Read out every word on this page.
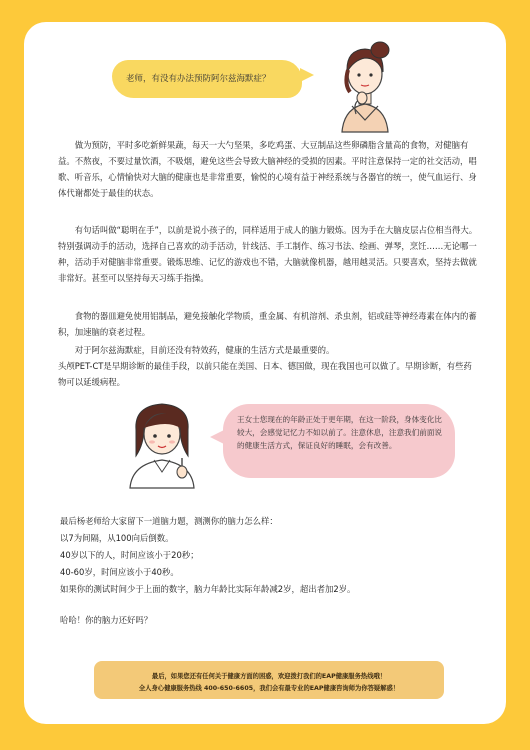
老师，有没有办法预防阿尔兹海默症？

做为预防，平时多吃新鲜果蔬，每天一大勺坚果，多吃鸡蛋、大豆制品这些卵磷脂含量高的食物，对健脑有益。不熬夜，不要过量饮酒，不吸烟，避免这些会导致大脑神经的受损的因素。平时注意保持一定的社交活动，唱歌、听音乐，心情愉快对大脑的健康也是非常重要，愉悦的心境有益于神经系统与各器官的统一，使气血运行、身体代谢都处于最佳的状态。

有句话叫做“聪明在手”，以前是说小孩子的，同样适用于成人的脑力锻炼。因为手在大脑皮层占位相当得大。特别强调动手的活动，选择自己喜欢的动手活动，针线活、手工制作、练习书法、绘画、弹琴，烹饪……无论哪一种，活动手对健脑非常重要。锻炼思维、记忆的游戏也不错，大脑就像机器，越用越灵活。只要喜欢，坚持去做就非常好。甚至可以坚持每天习练手指操。

食物的器皿避免使用铝制品，避免接触化学物质，重金属、有机溶剂、杀虫剂，铝或硅等神经毒素在体内的蓄积，加速脑的衰老过程。

对于阿尔兹海默症，目前还没有特效药，健康的生活方式是最重要的。

头颅PET-CT是早期诊断的最佳手段，以前只能在美国、日本、德国做，现在我国也可以做了。早期诊断，有些药物可以延缓病程。

王女士您现在的年龄正处于更年期，在这一阶段，身体变化比较大，会感觉记忆力不如以前了。注意休息，注意我们前面说的健康生活方式，保证良好的睡眠，会有改善。
最后杨老师给大家留下一道脑力题，测测你的脑力怎么样：
以7为间隔，从100向后倒数。
40岁以下的人，时间应该小于20秒；
40-60岁，时间应该小于40秒。
如果你的测试时间少于上面的数字，脑力年龄比实际年龄减2岁，超出者加2岁。
哈哈！你的脑力还好吗？
最后，如果您还有任何关于健康方面的困惑，欢迎拨打我们的EAP健康服务热线哦！
全人身心健康服务热线 400-650-6605，我们会有最专业的EAP健康咨询师为你答疑解惑！
